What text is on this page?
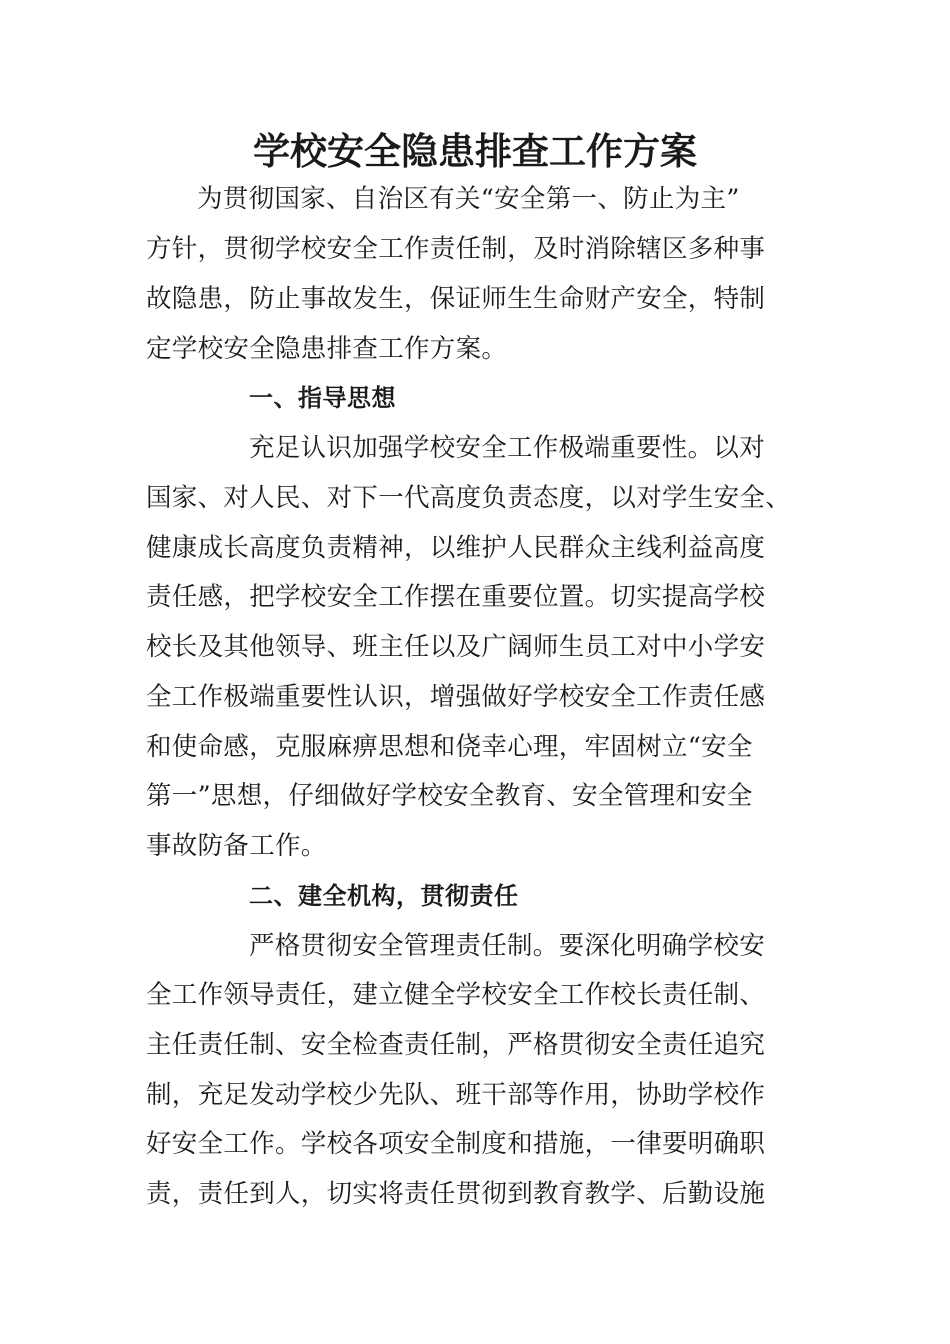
学校安全隐患排查工作方案

为贯彻国家、自治区有关“安全第一、防止为主”

方针，贯彻学校安全工作责任制，及时消除辖区多种事

故隐患，防止事故发生，保证师生生命财产安全，特制

定学校安全隐患排查工作方案。

一、指导思想

充足认识加强学校安全工作极端重要性。以对

国家、对人民、对下一代高度负责态度，以对学生安全、

健康成长高度负责精神，以维护人民群众主线利益高度

责任感，把学校安全工作摆在重要位置。切实提高学校

校长及其他领导、班主任以及广阔师生员工对中小学安

全工作极端重要性认识，增强做好学校安全工作责任感

和使命感，克服麻痹思想和侥幸心理，牢固树立“安全

第一”思想，仔细做好学校安全教育、安全管理和安全

事故防备工作。

二、建全机构，贯彻责任

严格贯彻安全管理责任制。要深化明确学校安

全工作领导责任，建立健全学校安全工作校长责任制、

主任责任制、安全检查责任制，严格贯彻安全责任追究

制，充足发动学校少先队、班干部等作用，协助学校作

好安全工作。学校各项安全制度和措施，一律要明确职

责，责任到人，切实将责任贯彻到教育教学、后勤设施
